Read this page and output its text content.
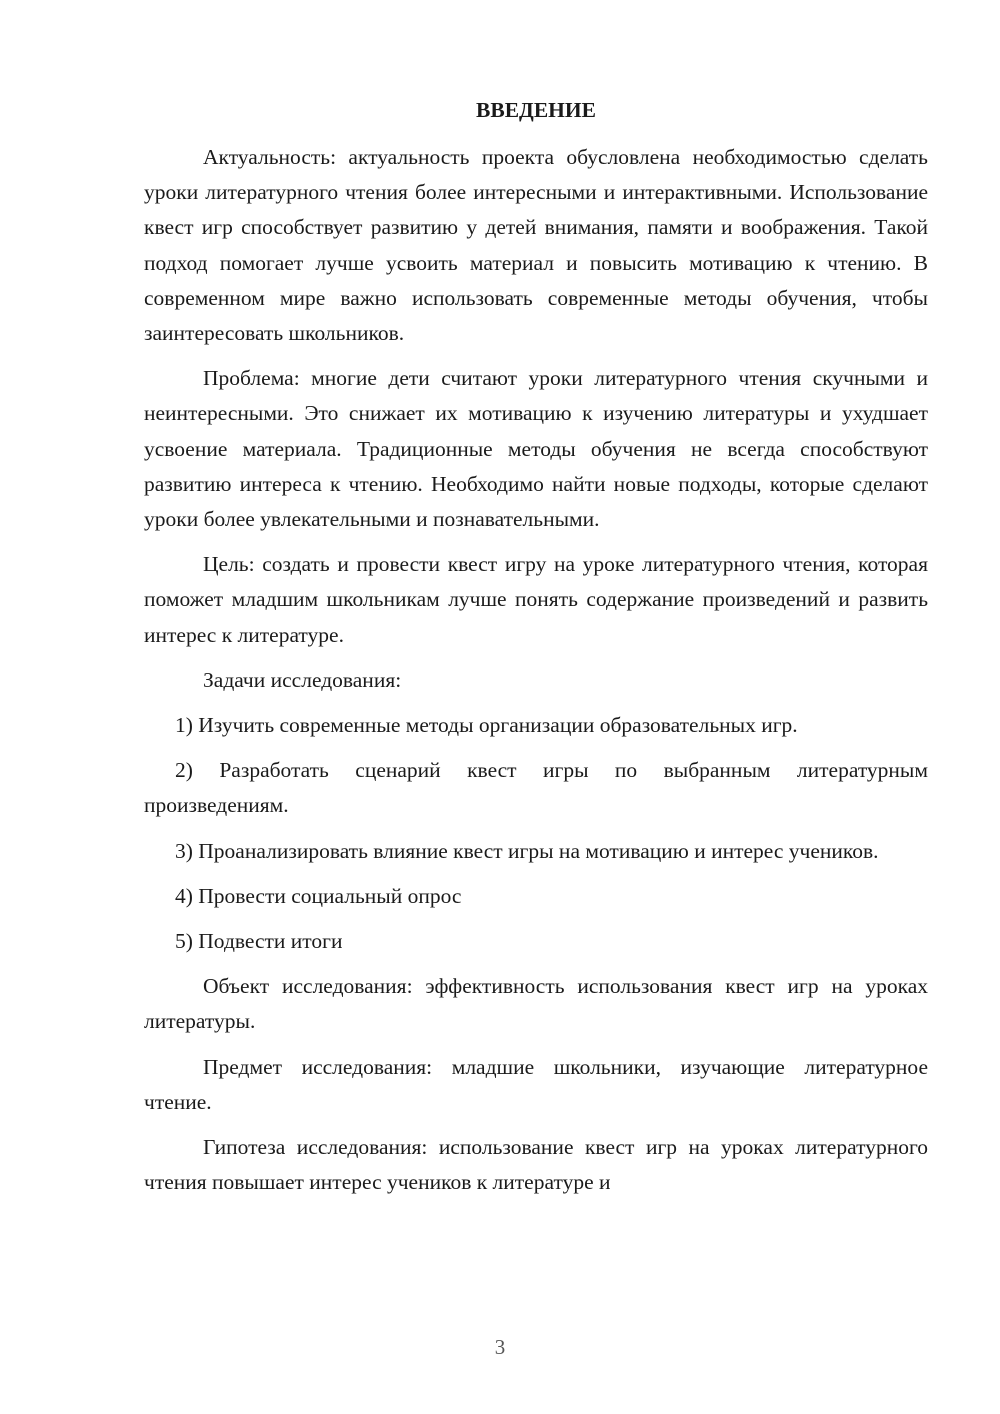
ВВЕДЕНИЕ

Актуальность: актуальность проекта обусловлена необходимостью сделать уроки литературного чтения более интересными и интерактивными. Использование квест игр способствует развитию у детей внимания, памяти и воображения. Такой подход помогает лучше усвоить материал и повысить мотивацию к чтению. В современном мире важно использовать современные методы обучения, чтобы заинтересовать школьников.

Проблема: многие дети считают уроки литературного чтения скучными и неинтересными. Это снижает их мотивацию к изучению литературы и ухудшает усвоение материала. Традиционные методы обучения не всегда способствуют развитию интереса к чтению. Необходимо найти новые подходы, которые сделают уроки более увлекательными и познавательными.

Цель: создать и провести квест игру на уроке литературного чтения, которая поможет младшим школьникам лучше понять содержание произведений и развить интерес к литературе.

Задачи исследования:

1) Изучить современные методы организации образовательных игр.

2) Разработать сценарий квест игры по выбранным литературным произведениям.

3) Проанализировать влияние квест игры на мотивацию и интерес учеников.

4) Провести социальный опрос

5) Подвести итоги

Объект исследования: эффективность использования квест игр на уроках литературы.

Предмет исследования: младшие школьники, изучающие литературное чтение.

Гипотеза исследования: использование квест игр на уроках литературного чтения повышает интерес учеников к литературе и

3
